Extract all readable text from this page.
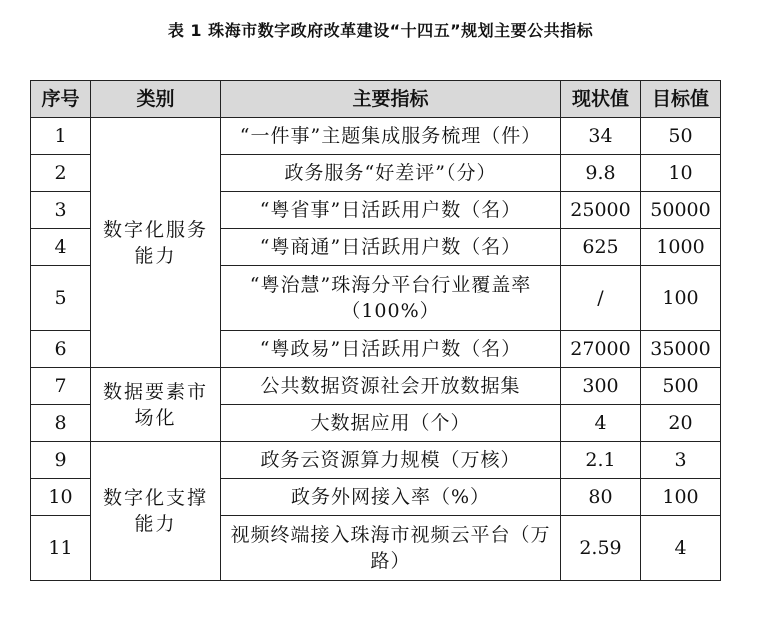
表 1 珠海市数字政府改革建设“十四五”规划主要公共指标
序号	类别	主要指标	现状值	目标值
1	数字化服务能力	“一件事”主题集成服务梳理（件）	34	50
2		政务服务“好差评”（分）	9.8	10
3		“粤省事”日活跃用户数（名）	25000	50000
4		“粤商通”日活跃用户数（名）	625	1000
5		“粤治慧”珠海分平台行业覆盖率（100%）	/	100
6		“粤政易”日活跃用户数（名）	27000	35000
7	数据要素市场化	公共数据资源社会开放数据集	300	500
8		大数据应用（个）	4	20
9	数字化支撑能力	政务云资源算力规模（万核）	2.1	3
10		政务外网接入率（%）	80	100
11		视频终端接入珠海市视频云平台（万路）	2.59	4
